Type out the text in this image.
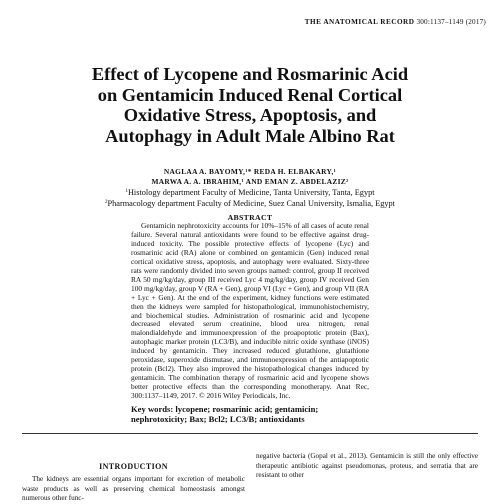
THE ANATOMICAL RECORD 300:1137–1149 (2017)
Effect of Lycopene and Rosmarinic Acid
on Gentamicin Induced Renal Cortical
Oxidative Stress, Apoptosis, and
Autophagy in Adult Male Albino Rat
NAGLAA A. BAYOMY,¹* REDA H. ELBAKARY,¹
MARWA A. A. IBRAHIM,¹ AND EMAN Z. ABDELAZIZ²
$^1$Histology department Faculty of Medicine, Tanta University, Tanta, Egypt
$^2$Pharmacology department Faculty of Medicine, Suez Canal University, Ismalia, Egypt
ABSTRACT

Gentamicin nephrotoxicity accounts for 10%–15% of all cases of acute renal failure. Several natural antioxidants were found to be effective against drug-induced toxicity. The possible protective effects of lycopene (Lyc) and rosmarinic acid (RA) alone or combined on gentamicin (Gen) induced renal cortical oxidative stress, apoptosis, and autophagy were evaluated. Sixty-three rats were randomly divided into seven groups named: control, group II received RA 50 mg/kg/day, group III received Lyc 4 mg/kg/day, group IV received Gen 100 mg/kg/day, group V (RA + Gen), group VI (Lyc + Gen), and group VII (RA + Lyc + Gen). At the end of the experiment, kidney functions were estimated then the kidneys were sampled for histopathological, immunohistochemistry, and biochemical studies. Administration of rosmarinic acid and lycopene decreased elevated serum creatinine, blood urea nitrogen, renal malondialdehyde and immunoexpression of the proapoptotic protein (Bax), autophagic marker protein (LC3/B), and inducible nitric oxide synthase (iNOS) induced by gentamicin. They increased reduced glutathione, glutathione peroxidase, superoxide dismutase, and immunoexpression of the antiapoptotic protein (Bcl2). They also improved the histopathological changes induced by gentamicin. The combination therapy of rosmarinic acid and lycopene shows better protective effects than the corresponding monotherapy. Anat Rec, 300:1137–1149, 2017. © 2016 Wiley Periodicals, Inc.

Key words: lycopene; rosmarinic acid; gentamicin; nephrotoxicity; Bax; Bcl2; LC3/B; antioxidants

INTRODUCTION

The kidneys are essential organs important for excretion of metabolic waste products as well as preserving chemical homeostasis amongst numerous other func-

negative bacteria (Gopal et al., 2013). Gentamicin is still the only effective therapeutic antibiotic against pseudomonas, proteus, and serratia that are resistant to other
